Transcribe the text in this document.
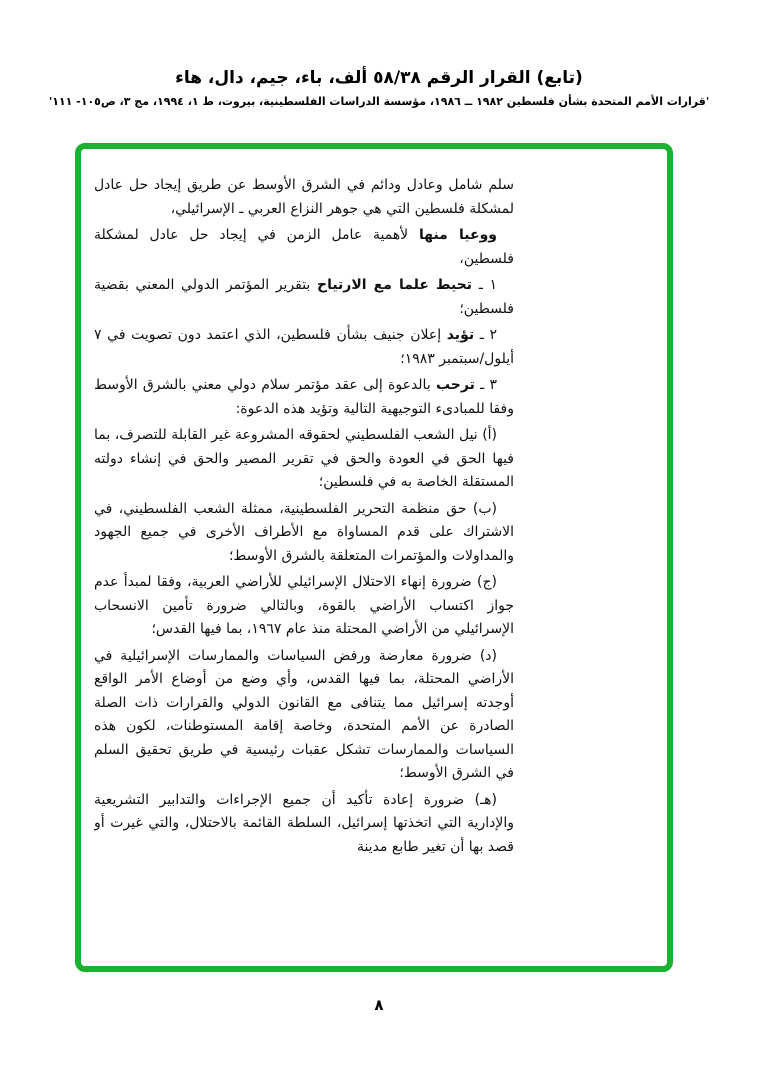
(تابع) القرار الرقم ٥٨/٣٨ ألف، باء، جيم، دال، هاء
'قرارات الأمم المتحدة بشأن فلسطين ١٩٨٢ ــ ١٩٨٦، مؤسسة الدراسات الفلسطينية، بيروت، ط ١، ١٩٩٤، مج ٣، ص١٠٥- ١١١'

سلم شامل وعادل ودائم في الشرق الأوسط عن طريق إيجاد حل عادل لمشكلة فلسطين التي هي جوهر النزاع العربي ـ الإسرائيلي،

ووعيا منها لأهمية عامل الزمن في إيجاد حل عادل لمشكلة فلسطين،

١ ـ تحيط علما مع الارتياح بتقرير المؤتمر الدولي المعني بقضية فلسطين؛

٢ ـ تؤيد إعلان جنيف بشأن فلسطين، الذي اعتمد دون تصويت في ٧ أيلول/سبتمبر ١٩٨٣؛

٣ ـ ترحب بالدعوة إلى عقد مؤتمر سلام دولي معني بالشرق الأوسط وفقا للمبادىء التوجيهية التالية وتؤيد هذه الدعوة:

(أ) نيل الشعب الفلسطيني لحقوقه المشروعة غير القابلة للتصرف، بما فيها الحق في العودة والحق في تقرير المصير والحق في إنشاء دولته المستقلة الخاصة به في فلسطين؛

(ب) حق منظمة التحرير الفلسطينية، ممثلة الشعب الفلسطيني، في الاشتراك على قدم المساواة مع الأطراف الأخرى في جميع الجهود والمداولات والمؤتمرات المتعلقة بالشرق الأوسط؛

(ج) ضرورة إنهاء الاحتلال الإسرائيلي للأراضي العربية، وفقا لمبدأ عدم جواز اكتساب الأراضي بالقوة، وبالتالي ضرورة تأمين الانسحاب الإسرائيلي من الأراضي المحتلة منذ عام ١٩٦٧، بما فيها القدس؛

(د) ضرورة معارضة ورفض السياسات والممارسات الإسرائيلية في الأراضي المحتلة، بما فيها القدس، وأي وضع من أوضاع الأمر الواقع أوجدته إسرائيل مما يتنافى مع القانون الدولي والقرارات ذات الصلة الصادرة عن الأمم المتحدة، وخاصة إقامة المستوطنات، لكون هذه السياسات والممارسات تشكل عقبات رئيسية في طريق تحقيق السلم في الشرق الأوسط؛

(هـ) ضرورة إعادة تأكيد أن جميع الإجراءات والتدابير التشريعية والإدارية التي اتخذتها إسرائيل، السلطة القائمة بالاحتلال، والتي غيرت أو قصد بها أن تغير طابع مدينة

٨
